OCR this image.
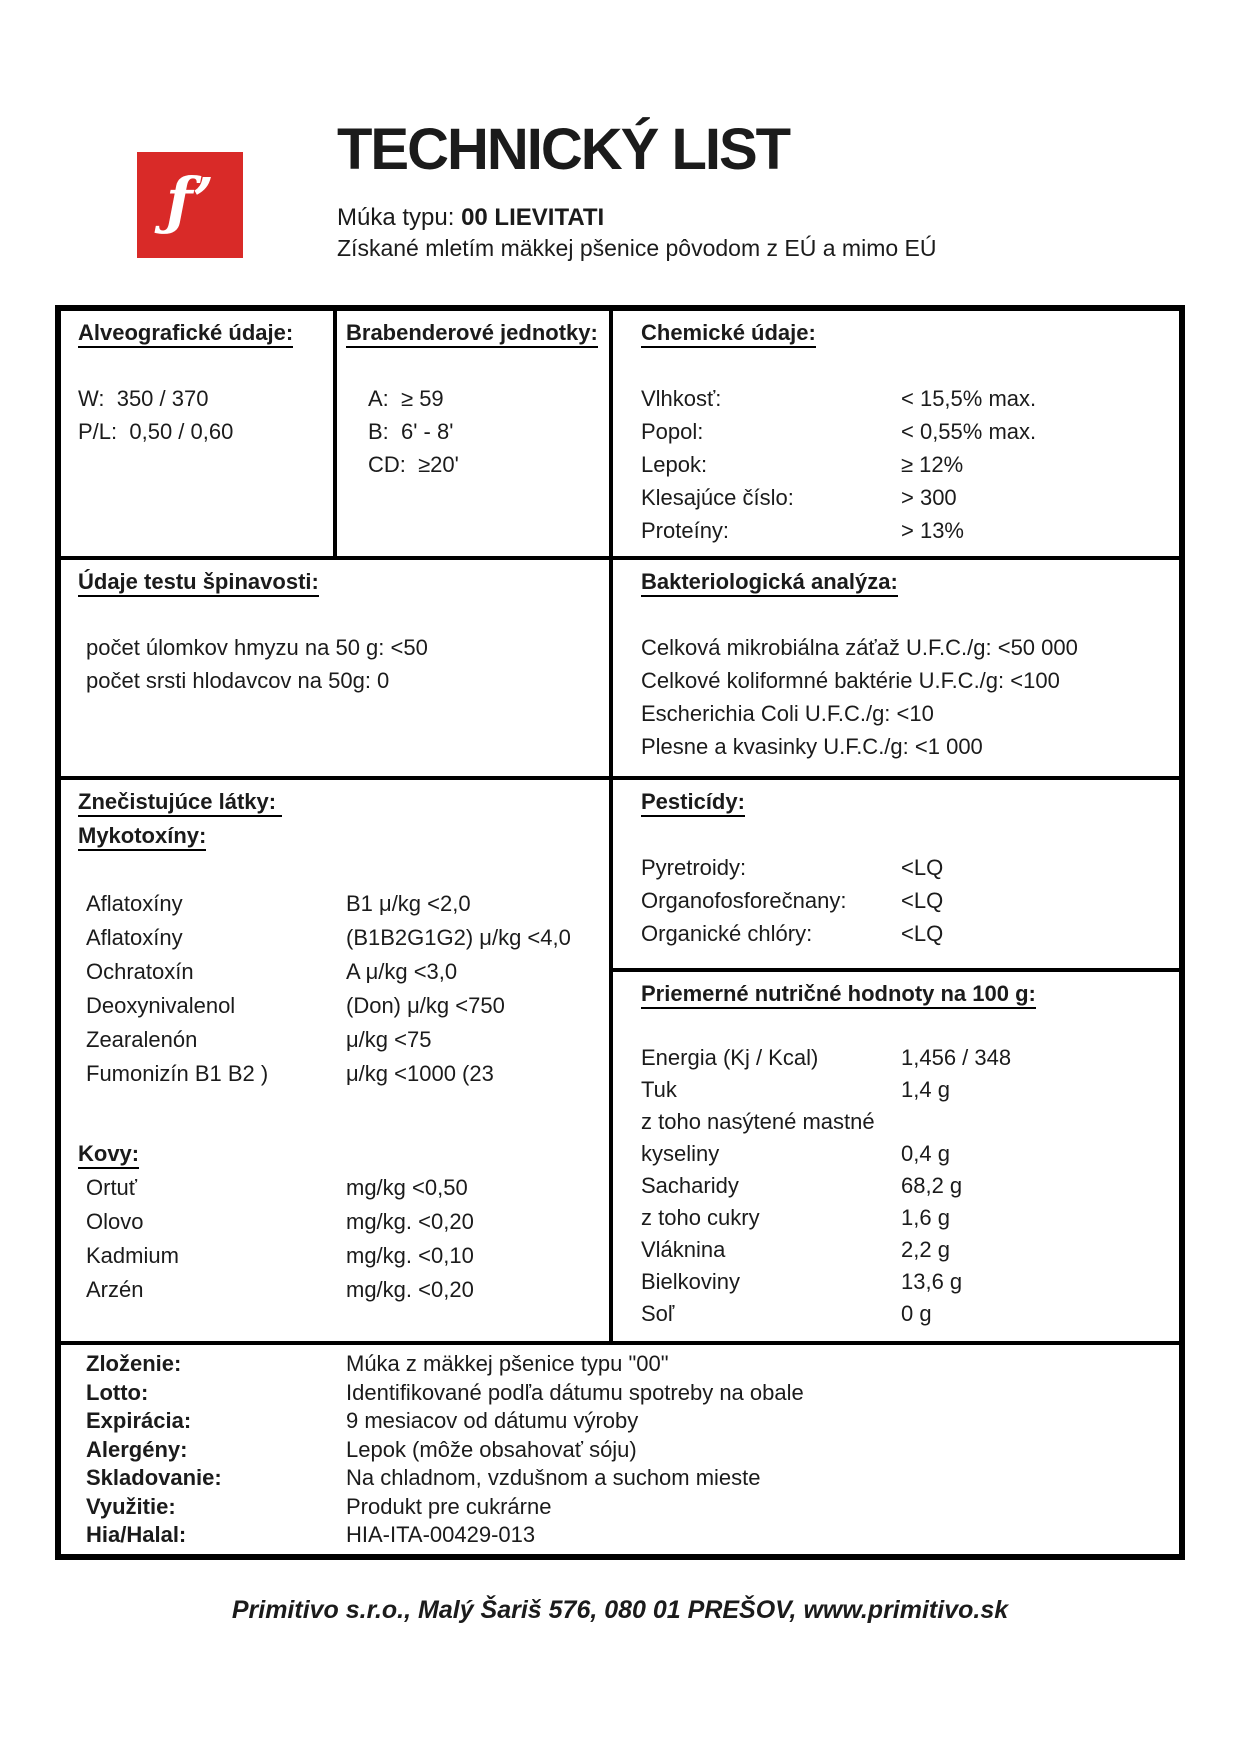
ƒ’
TECHNICKÝ LIST
Múka typu: 00 LIEVITATI
Získané mletím mäkkej pšenice pôvodom z EÚ a mimo EÚ
Alveografické údaje:
W:  350 / 370
P/L:  0,50 / 0,60
Brabenderové jednotky:
A:  ≥ 59
B:  6' - 8'
CD:  ≥20'
Chemické údaje:
Vlhkosť:	< 15,5% max.
Popol:	< 0,55% max.
Lepok:	≥ 12%
Klesajúce číslo:	> 300
Proteíny:	> 13%
Údaje testu špinavosti:
počet úlomkov hmyzu na 50 g: <50
počet srsti hlodavcov na 50g: 0
Bakteriologická analýza:
Celková mikrobiálna záťaž U.F.C./g: <50 000
Celkové koliformné baktérie U.F.C./g: <100
Escherichia Coli U.F.C./g: <10
Plesne a kvasinky U.F.C./g: <1 000
Znečistujúce látky:
Mykotoxíny:
Aflatoxíny	B1 μ/kg <2,0
Aflatoxíny	(B1B2G1G2) μ/kg <4,0
Ochratoxín	A μ/kg <3,0
Deoxynivalenol	(Don) μ/kg <750
Zearalenón	μ/kg <75
Fumonizín B1 B2 )	μ/kg <1000 (23

Kovy:
Ortuť	mg/kg <0,50
Olovo	mg/kg. <0,20
Kadmium	mg/kg. <0,10
Arzén	mg/kg. <0,20
Pesticídy:
Pyretroidy:	<LQ
Organofosforečnany:	<LQ
Organické chlóry:	<LQ
Priemerné nutričné hodnoty na 100 g:
Energia (Kj / Kcal)	1,456 / 348
Tuk	1,4 g
z toho nasýtené mastné
kyseliny	0,4 g
Sacharidy	68,2 g
z toho cukry	1,6 g
Vláknina	2,2 g
Bielkoviny	13,6 g
Soľ	0 g
Zloženie:	Múka z mäkkej pšenice typu "00"
Lotto:	Identifikované podľa dátumu spotreby na obale
Expirácia:	9 mesiacov od dátumu výroby
Alergény:	Lepok (môže obsahovať sóju)
Skladovanie:	Na chladnom, vzdušnom a suchom mieste
Využitie:	Produkt pre cukrárne
Hia/Halal:	HIA-ITA-00429-013
Primitivo s.r.o., Malý Šariš 576, 080 01 PREŠOV, www.primitivo.sk
